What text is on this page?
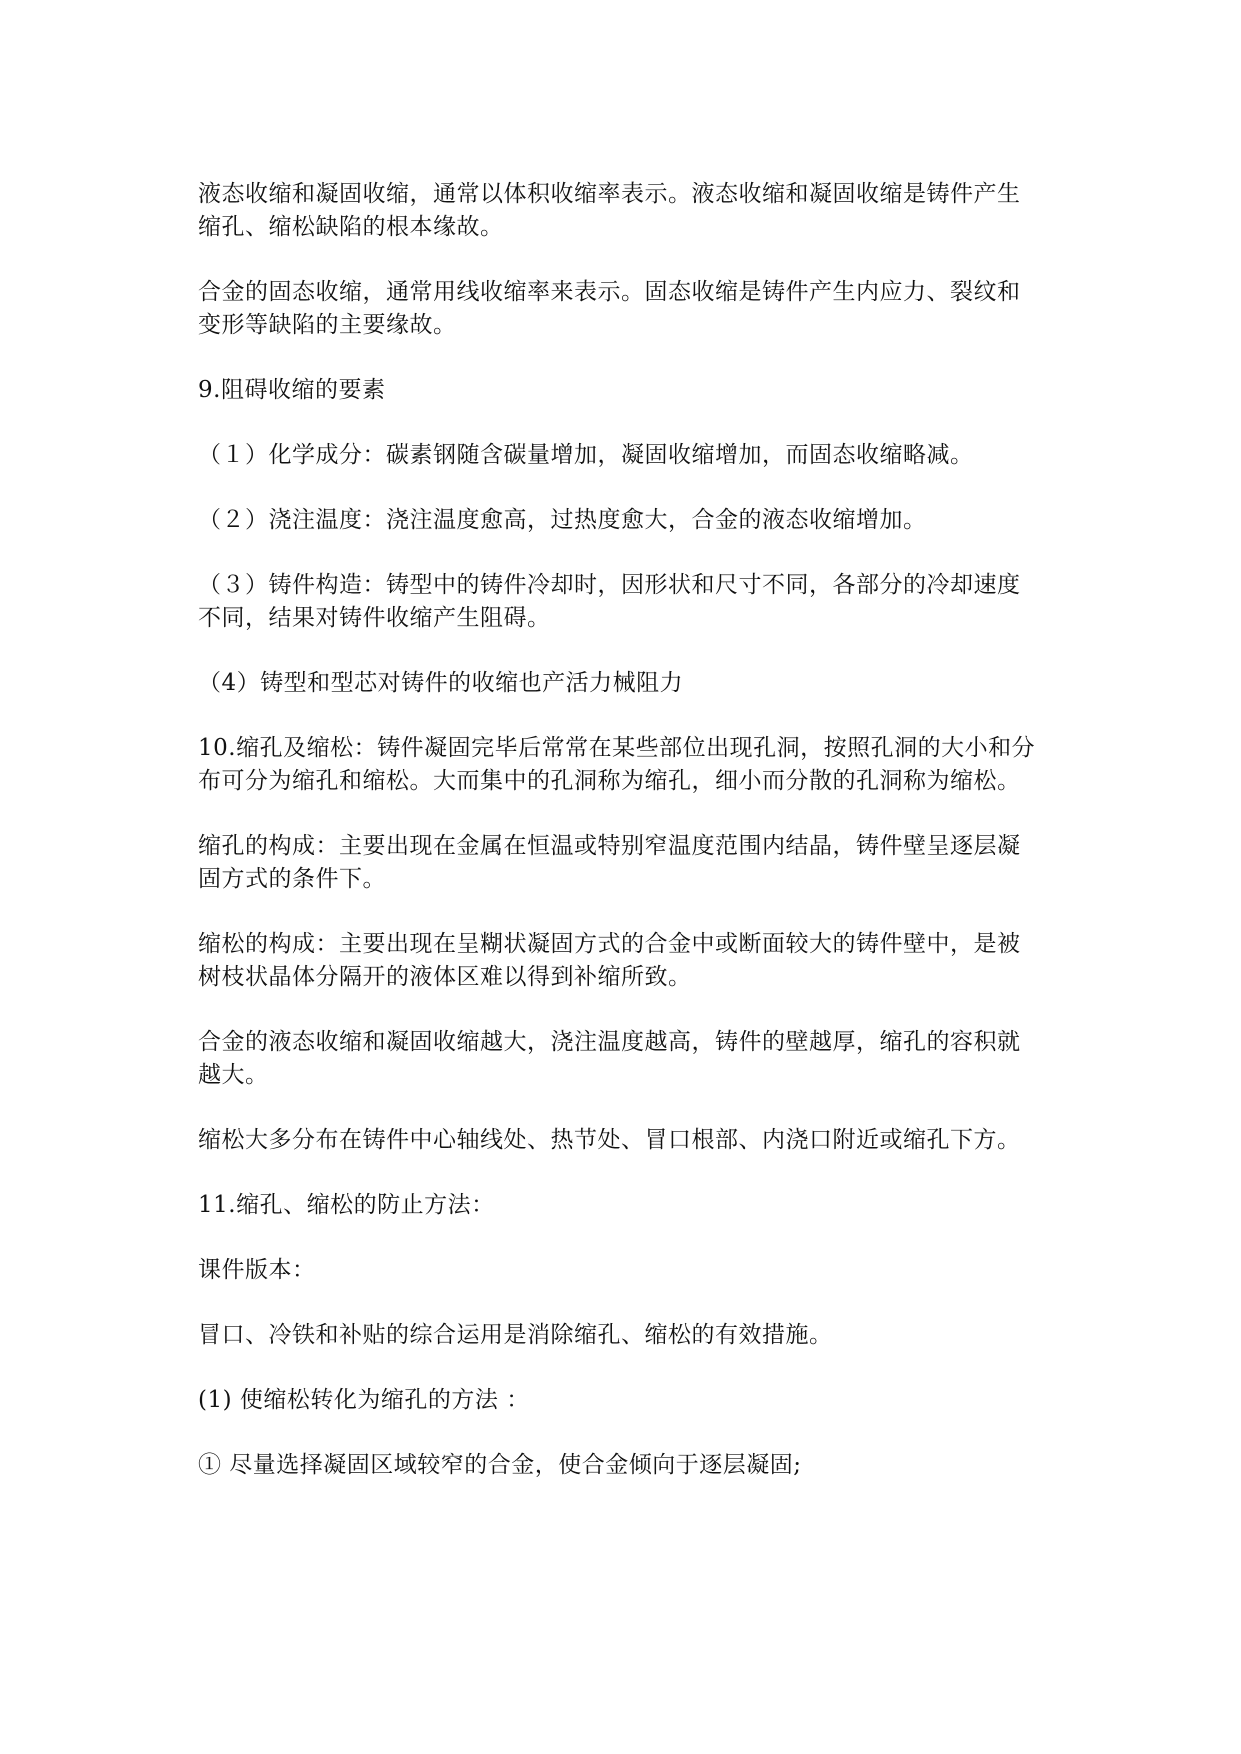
液态收缩和凝固收缩，通常以体积收缩率表示。液态收缩和凝固收缩是铸件产生缩孔、缩松缺陷的根本缘故。

合金的固态收缩，通常用线收缩率来表示。固态收缩是铸件产生内应力、裂纹和变形等缺陷的主要缘故。

9.阻碍收缩的要素

（１）化学成分：碳素钢随含碳量增加，凝固收缩增加，而固态收缩略减。

（２）浇注温度：浇注温度愈高，过热度愈大，合金的液态收缩增加。

（３）铸件构造：铸型中的铸件冷却时，因形状和尺寸不同，各部分的冷却速度不同，结果对铸件收缩产生阻碍。

（4）铸型和型芯对铸件的收缩也产活力械阻力

10.缩孔及缩松：铸件凝固完毕后常常在某些部位出现孔洞，按照孔洞的大小和分布可分为缩孔和缩松。大而集中的孔洞称为缩孔，细小而分散的孔洞称为缩松。

缩孔的构成：主要出现在金属在恒温或特别窄温度范围内结晶，铸件壁呈逐层凝固方式的条件下。

缩松的构成：主要出现在呈糊状凝固方式的合金中或断面较大的铸件壁中，是被树枝状晶体分隔开的液体区难以得到补缩所致。

合金的液态收缩和凝固收缩越大，浇注温度越高，铸件的壁越厚，缩孔的容积就越大。

缩松大多分布在铸件中心轴线处、热节处、冒口根部、内浇口附近或缩孔下方。

11.缩孔、缩松的防止方法：

课件版本：

冒口、冷铁和补贴的综合运用是消除缩孔、缩松的有效措施。

(1) 使缩松转化为缩孔的方法 ：

① 尽量选择凝固区域较窄的合金，使合金倾向于逐层凝固;
